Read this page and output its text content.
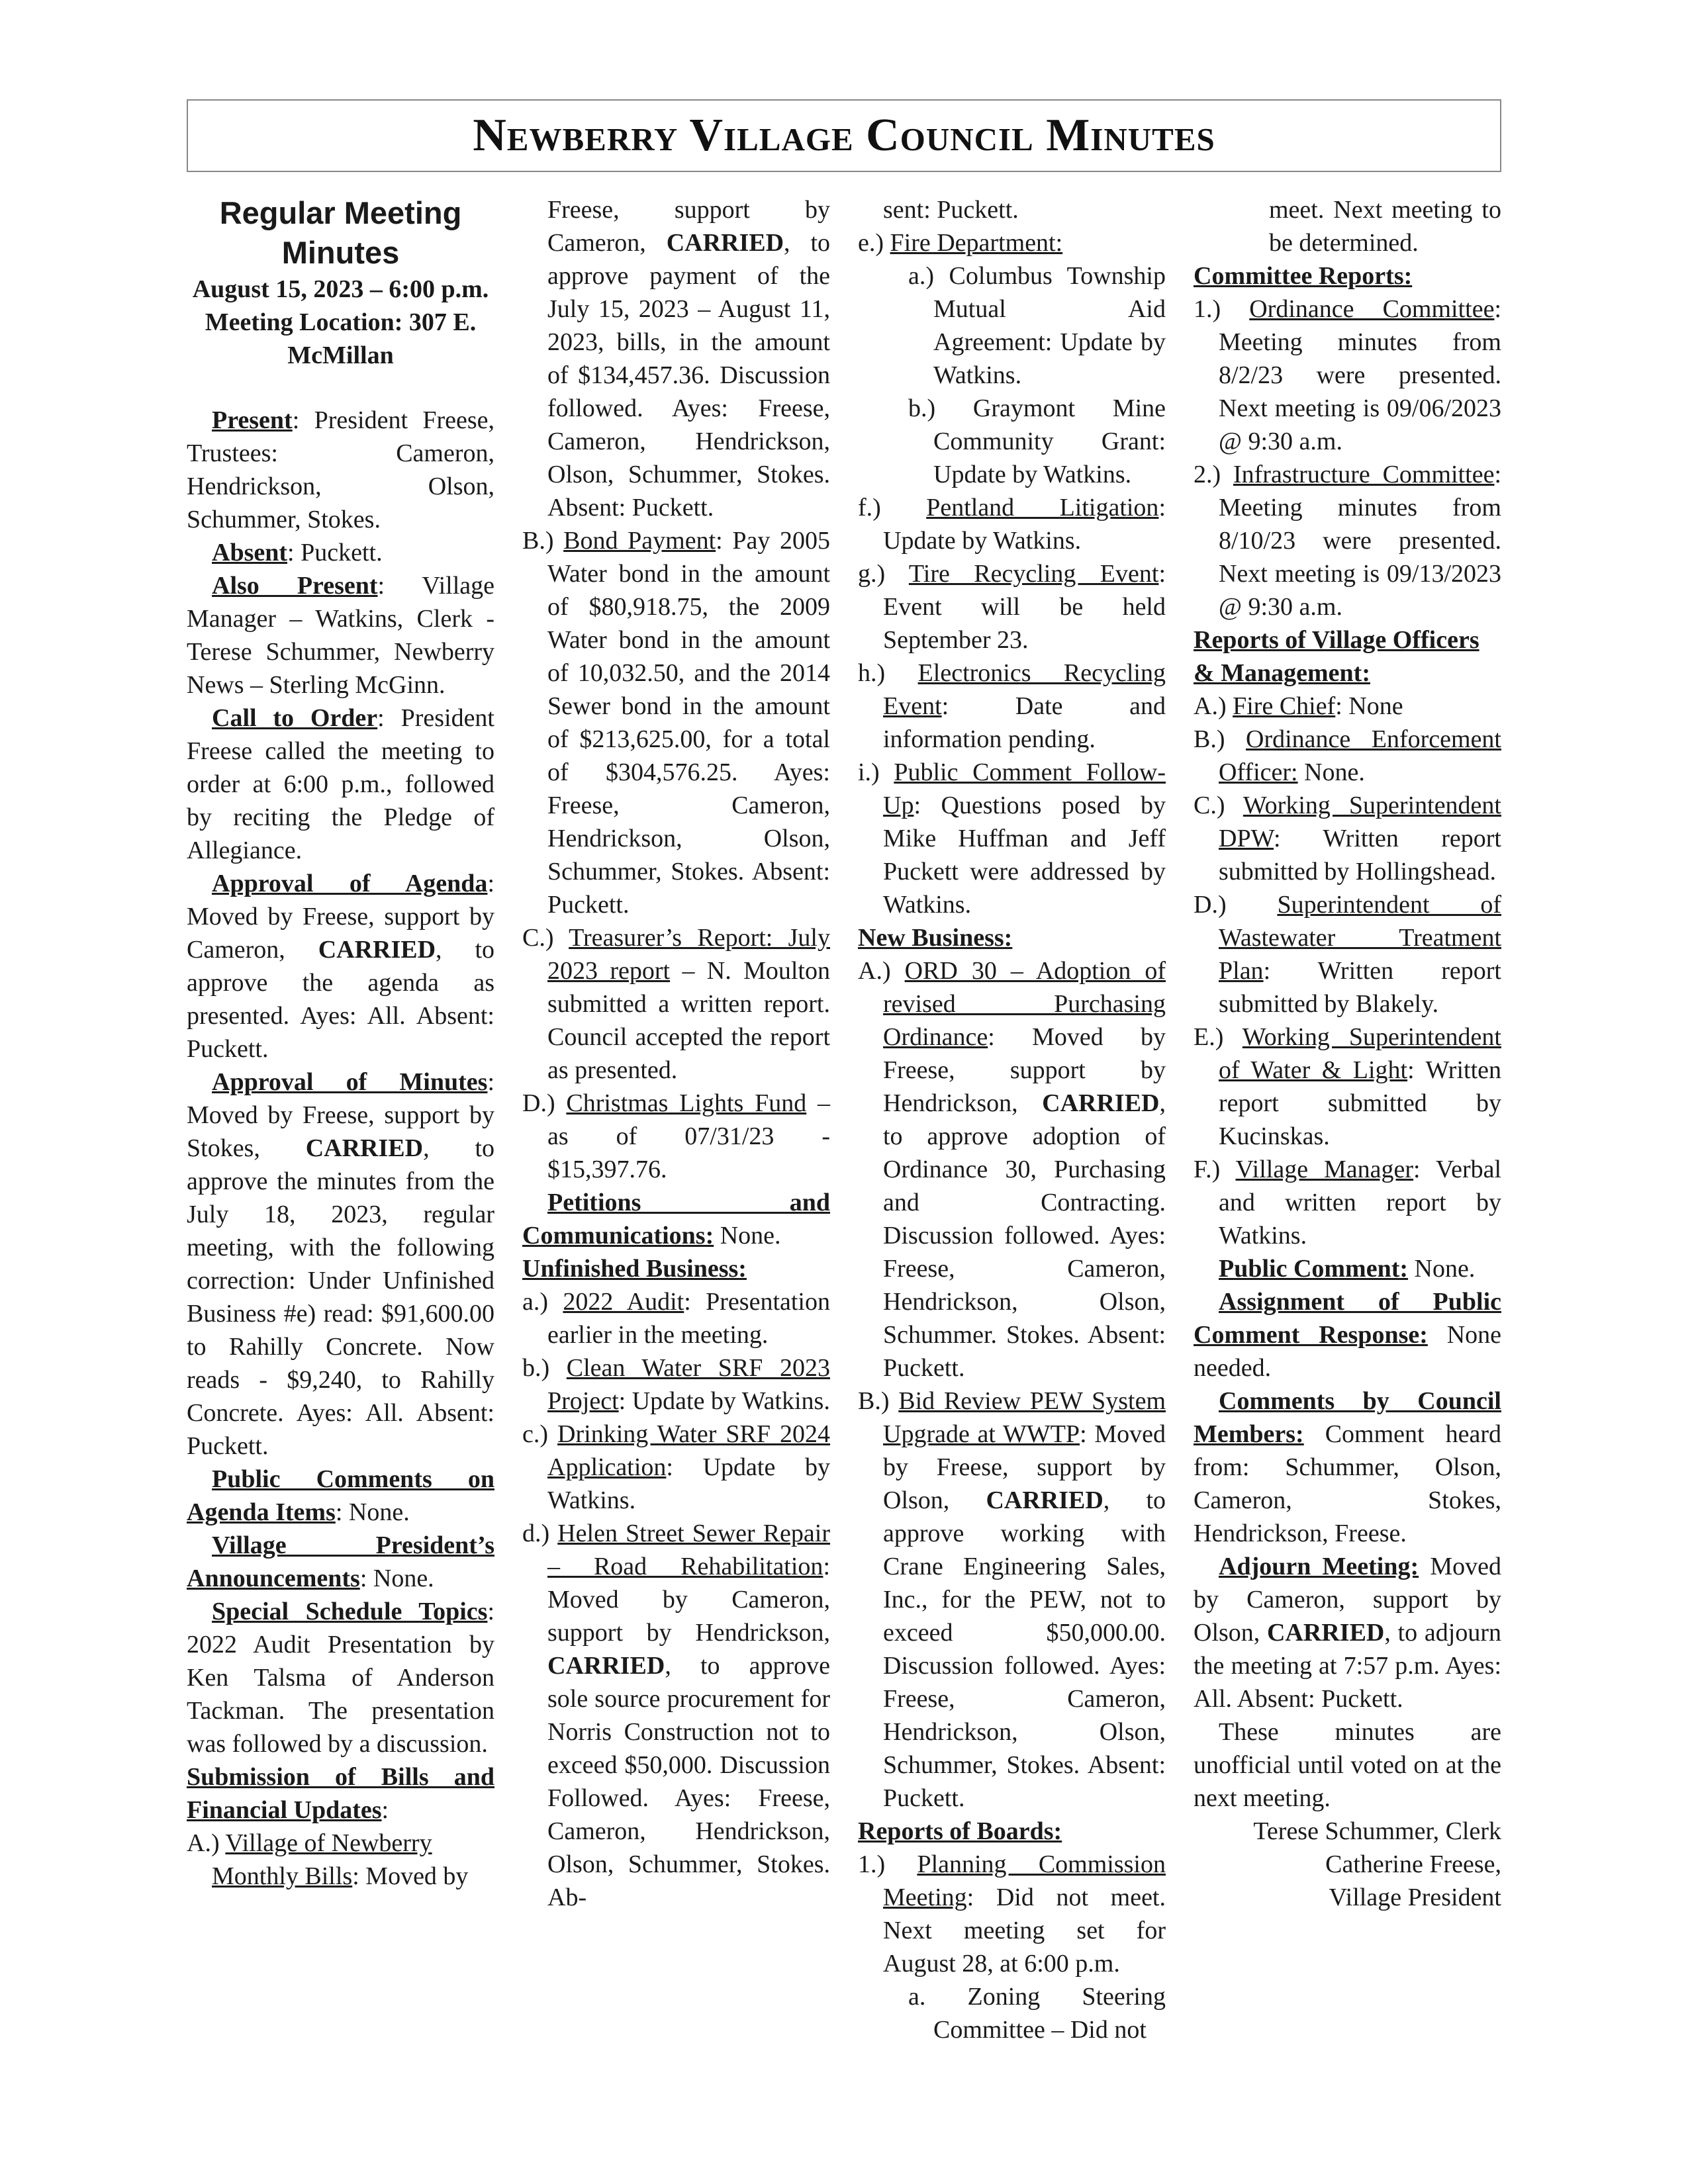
Newberry Village Council Minutes

Regular Meeting Minutes

August 15, 2023 – 6:00 p.m.

Meeting Location: 307 E. McMillan

Present: President Freese, Trustees: Cameron, Hendrickson, Olson, Schummer, Stokes.

Absent: Puckett.

Also Present: Village Manager – Watkins, Clerk - Terese Schummer, Newberry News – Sterling McGinn.

Call to Order: President Freese called the meeting to order at 6:00 p.m., followed by reciting the Pledge of Allegiance.

Approval of Agenda: Moved by Freese, support by Cameron, CARRIED, to approve the agenda as presented. Ayes: All. Absent: Puckett.

Approval of Minutes: Moved by Freese, support by Stokes, CARRIED, to approve the minutes from the July 18, 2023, regular meeting, with the following correction: Under Unfinished Business #e) read: $91,600.00 to Rahilly Concrete. Now reads - $9,240, to Rahilly Concrete. Ayes: All. Absent: Puckett.

Public Comments on Agenda Items: None.

Village President’s Announcements: None.

Special Schedule Topics: 2022 Audit Presentation by Ken Talsma of Anderson Tackman. The presentation was followed by a discussion.

Submission of Bills and Financial Updates:

A.) Village of Newberry Monthly Bills: Moved by

Freese, support by Cameron, CARRIED, to approve payment of the July 15, 2023 – August 11, 2023, bills, in the amount of $134,457.36. Discussion followed. Ayes: Freese, Cameron, Hendrickson, Olson, Schummer, Stokes. Absent: Puckett.

B.) Bond Payment: Pay 2005 Water bond in the amount of $80,918.75, the 2009 Water bond in the amount of 10,032.50, and the 2014 Sewer bond in the amount of $213,625.00, for a total of $304,576.25. Ayes: Freese, Cameron, Hendrickson, Olson, Schummer, Stokes. Absent: Puckett.

C.) Treasurer’s Report: July 2023 report – N. Moulton submitted a written report. Council accepted the report as presented.

D.) Christmas Lights Fund – as of 07/31/23 - $15,397.76.

Petitions and Communications: None.

Unfinished Business:

a.) 2022 Audit: Presentation earlier in the meeting.

b.) Clean Water SRF 2023 Project: Update by Watkins.

c.) Drinking Water SRF 2024 Application: Update by Watkins.

d.) Helen Street Sewer Repair – Road Rehabilitation: Moved by Cameron, support by Hendrickson, CARRIED, to approve sole source procurement for Norris Construction not to exceed $50,000. Discussion Followed. Ayes: Freese, Cameron, Hendrickson, Olson, Schummer, Stokes. Ab-

sent: Puckett.

e.) Fire Department:

a.) Columbus Township Mutual Aid Agreement: Update by Watkins.

b.) Graymont Mine Community Grant: Update by Watkins.

f.) Pentland Litigation: Update by Watkins.

g.) Tire Recycling Event: Event will be held September 23.

h.) Electronics Recycling Event: Date and information pending.

i.) Public Comment Follow-Up: Questions posed by Mike Huffman and Jeff Puckett were addressed by Watkins.

New Business:

A.) ORD 30 – Adoption of revised Purchasing Ordinance: Moved by Freese, support by Hendrickson, CARRIED, to approve adoption of Ordinance 30, Purchasing and Contracting. Discussion followed. Ayes: Freese, Cameron, Hendrickson, Olson, Schummer. Stokes. Absent: Puckett.

B.) Bid Review PEW System Upgrade at WWTP: Moved by Freese, support by Olson, CARRIED, to approve working with Crane Engineering Sales, Inc., for the PEW, not to exceed $50,000.00. Discussion followed. Ayes: Freese, Cameron, Hendrickson, Olson, Schummer, Stokes. Absent: Puckett.

Reports of Boards:

1.) Planning Commission Meeting: Did not meet. Next meeting set for August 28, at 6:00 p.m.

a. Zoning Steering Committee – Did not

meet. Next meeting to be determined.

Committee Reports:

1.) Ordinance Committee: Meeting minutes from 8/2/23 were presented. Next meeting is 09/06/2023 @ 9:30 a.m.

2.) Infrastructure Committee: Meeting minutes from 8/10/23 were presented. Next meeting is 09/13/2023 @ 9:30 a.m.

Reports of Village Officers & Management:

A.) Fire Chief: None

B.) Ordinance Enforcement Officer: None.

C.) Working Superintendent DPW: Written report submitted by Hollingshead.

D.) Superintendent of Wastewater Treatment Plan: Written report submitted by Blakely.

E.) Working Superintendent of Water & Light: Written report submitted by Kucinskas.

F.) Village Manager: Verbal and written report by Watkins.

Public Comment: None.

Assignment of Public Comment Response: None needed.

Comments by Council Members: Comment heard from: Schummer, Olson, Cameron, Stokes, Hendrickson, Freese.

Adjourn Meeting: Moved by Cameron, support by Olson, CARRIED, to adjourn the meeting at 7:57 p.m. Ayes: All. Absent: Puckett.

These minutes are unofficial until voted on at the next meeting.

Terese Schummer, Clerk

Catherine Freese,

Village President
